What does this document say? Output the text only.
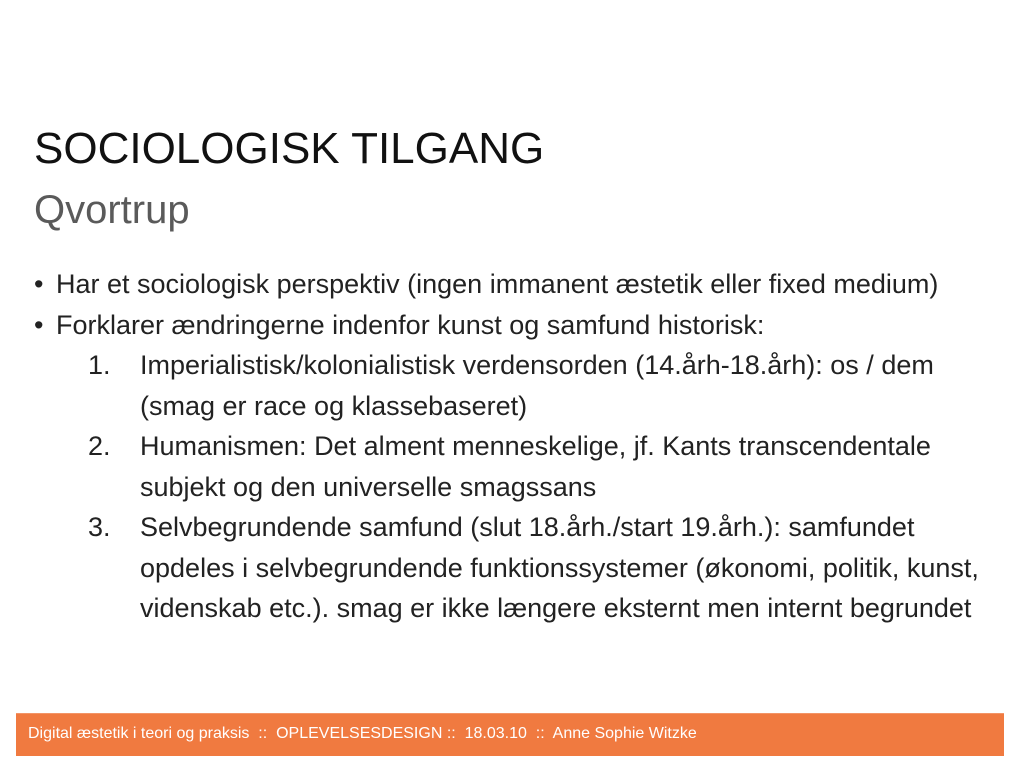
SOCIOLOGISK TILGANG
Qvortrup
• Har et sociologisk perspektiv (ingen immanent æstetik eller fixed medium)
• Forklarer ændringerne indenfor kunst og samfund historisk:
1. Imperialistisk/kolonialistisk verdensorden (14.årh-18.årh): os / dem (smag er race og klassebaseret)
2. Humanismen: Det alment menneskelige, jf. Kants transcendentale subjekt og den universelle smagssans
3. Selvbegrundende samfund (slut 18.årh./start 19.årh.): samfundet opdeles i selvbegrundende funktionssystemer (økonomi, politik, kunst, videnskab etc.). smag er ikke længere eksternt men internt begrundet
Digital æstetik i teori og praksis  ::  OPLEVELSESDESIGN ::  18.03.10  ::  Anne Sophie Witzke
